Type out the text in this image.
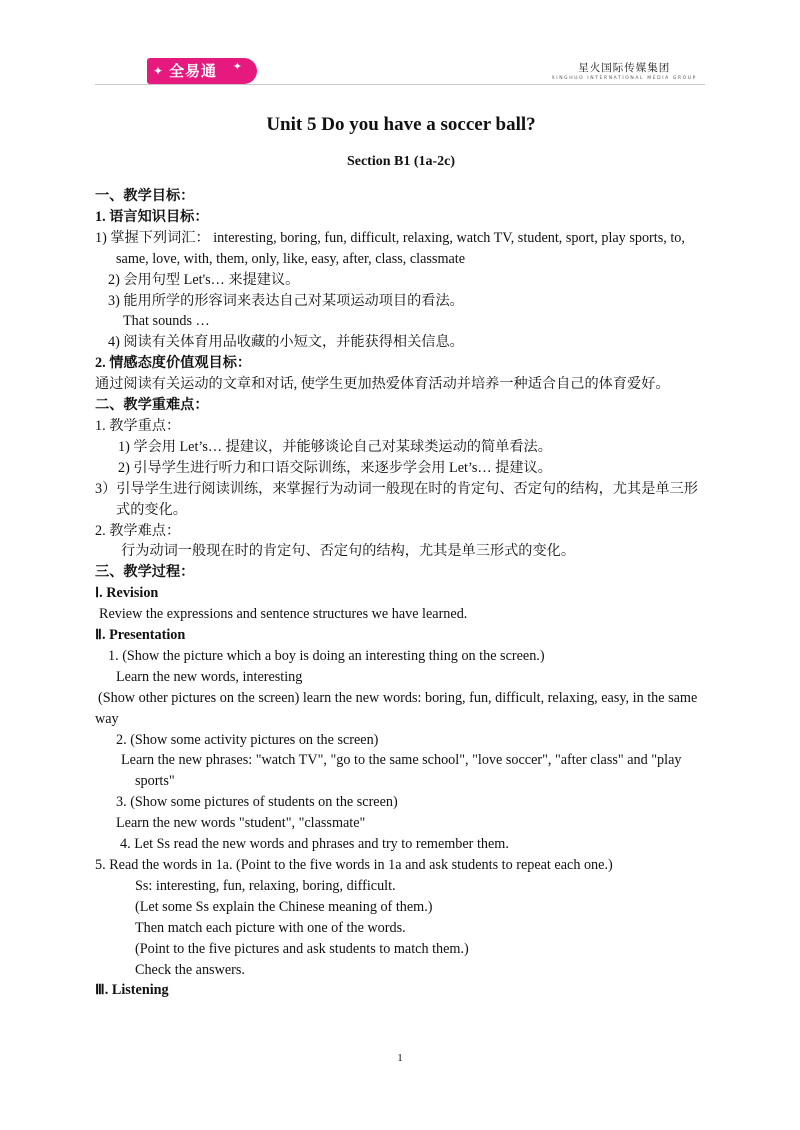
✦ 全易通 ✦	星火国际传媒集团
XINGHUO INTERNATIONAL MEDIA GROUP
Unit 5 Do you have a soccer ball?
Section B1 (1a-2c)
一、教学目标：
1. 语言知识目标：
1) 掌握下列词汇： interesting, boring, fun, difficult, relaxing, watch TV, student, sport, play sports, to, same, love, with, them, only, like, easy, after, class, classmate
2) 会用句型 Let's… 来提建议。
3) 能用所学的形容词来表达自己对某项运动项目的看法。
That sounds …
4) 阅读有关体育用品收藏的小短文，并能获得相关信息。
2. 情感态度价值观目标：
通过阅读有关运动的文章和对话, 使学生更加热爱体育活动并培养一种适合自己的体育爱好。
二、教学重难点：
1. 教学重点：
1) 学会用 Let’s… 提建议，并能够谈论自己对某球类运动的简单看法。
2) 引导学生进行听力和口语交际训练，来逐步学会用 Let’s… 提建议。
3）引导学生进行阅读训练，来掌握行为动词一般现在时的肯定句、否定句的结构，尤其是单三形式的变化。
2. 教学难点：
行为动词一般现在时的肯定句、否定句的结构，尤其是单三形式的变化。
三、教学过程：
Ⅰ. Revision
Review the expressions and sentence structures we have learned.
Ⅱ. Presentation
1. (Show the picture which a boy is doing an interesting thing on the screen.)
Learn the new words, interesting
(Show other pictures on the screen) learn the new words: boring, fun, difficult, relaxing, easy, in the same way
2. (Show some activity pictures on the screen)
Learn the new phrases: "watch TV", "go to the same school", "love soccer", "after class" and "play sports"
3. (Show some pictures of students on the screen)
Learn the new words "student", "classmate"
4. Let Ss read the new words and phrases and try to remember them.
5. Read the words in 1a. (Point to the five words in 1a and ask students to repeat each one.)
Ss: interesting, fun, relaxing, boring, difficult.
(Let some Ss explain the Chinese meaning of them.)
Then match each picture with one of the words.
(Point to the five pictures and ask students to match them.)
Check the answers.
Ⅲ. Listening
1
